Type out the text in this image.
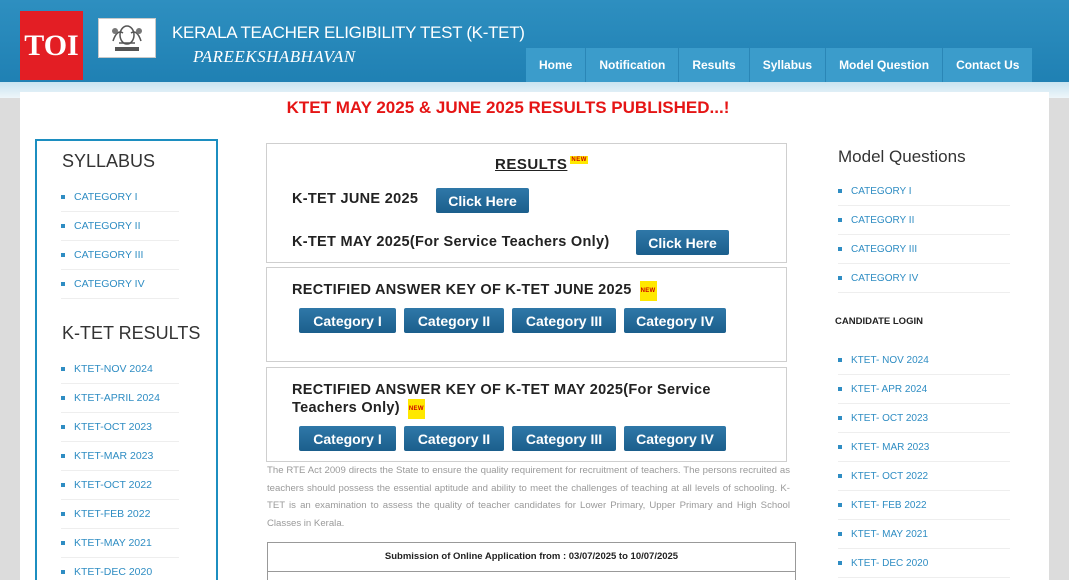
TOI	KERALA TEACHER ELIGIBILITY TEST (K-TET)
PAREEKSHABHAVAN	Home	Notification	Results	Syllabus	Model Question	Contact Us
KTET MAY 2025 & JUNE 2025 RESULTS PUBLISHED...!
SYLLABUS
CATEGORY I
CATEGORY II
CATEGORY III
CATEGORY IV
K-TET RESULTS
KTET-NOV 2024
KTET-APRIL 2024
KTET-OCT 2023
KTET-MAR 2023
KTET-OCT 2022
KTET-FEB 2022
KTET-MAY 2021
KTET-DEC 2020
RESULTS NEW
K-TET JUNE 2025	Click Here
K-TET MAY 2025(For Service Teachers Only)	Click Here
RECTIFIED ANSWER KEY OF K-TET JUNE 2025 NEW
Category I	Category II	Category III	Category IV
RECTIFIED ANSWER KEY OF K-TET MAY 2025(For Service
Teachers Only) NEW
Category I	Category II	Category III	Category IV
The RTE Act 2009 directs the State to ensure the quality requirement for recruitment of teachers. The persons recruited as teachers should possess the essential aptitude and ability to meet the challenges of teaching at all levels of schooling. K-TET is an examination to assess the quality of teacher candidates for Lower Primary, Upper Primary and High School Classes in Kerala.
Submission of Online Application from : 03/07/2025 to 10/07/2025
Model Questions
CATEGORY I
CATEGORY II
CATEGORY III
CATEGORY IV
CANDIDATE LOGIN
KTET- NOV 2024
KTET- APR 2024
KTET- OCT 2023
KTET- MAR 2023
KTET- OCT 2022
KTET- FEB 2022
KTET- MAY 2021
KTET- DEC 2020
